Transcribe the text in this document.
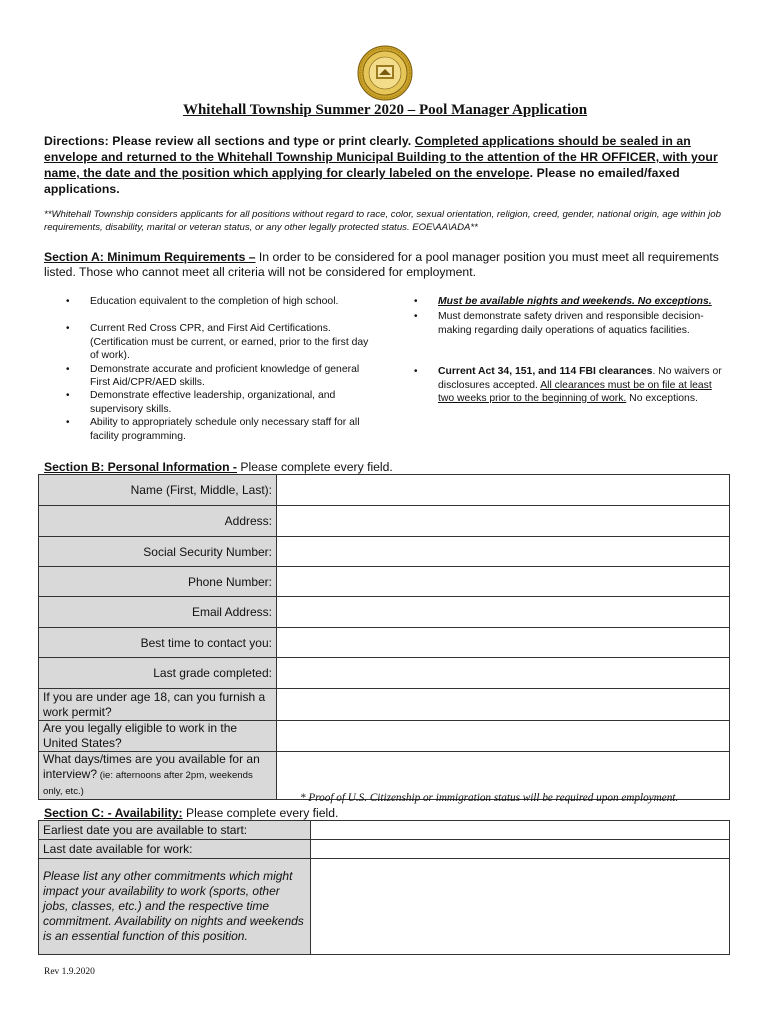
Whitehall Township Summer 2020 – Pool Manager Application
Directions: Please review all sections and type or print clearly. Completed applications should be sealed in an envelope and returned to the Whitehall Township Municipal Building to the attention of the HR OFFICER, with your name, the date and the position which applying for clearly labeled on the envelope. Please no emailed/faxed applications.
**Whitehall Township considers applicants for all positions without regard to race, color, sexual orientation, religion, creed, gender, national origin, age within job requirements, disability, marital or veteran status, or any other legally protected status. EOE\AA\ADA**
Section A: Minimum Requirements – In order to be considered for a pool manager position you must meet all requirements listed. Those who cannot meet all criteria will not be considered for employment.
• Education equivalent to the completion of high school.
• Current Red Cross CPR, and First Aid Certifications. (Certification must be current, or earned, prior to the first day of work).
• Demonstrate accurate and proficient knowledge of general First Aid/CPR/AED skills.
• Demonstrate effective leadership, organizational, and supervisory skills.
• Ability to appropriately schedule only necessary staff for all facility programming.
• Must be available nights and weekends. No exceptions.
• Must demonstrate safety driven and responsible decision-making regarding daily operations of aquatics facilities.
• Current Act 34, 151, and 114 FBI clearances. No waivers or disclosures accepted. All clearances must be on file at least two weeks prior to the beginning of work. No exceptions.
Section B: Personal Information - Please complete every field.
Name (First, Middle, Last):	
Address:	
Social Security Number:	
Phone Number:	
Email Address:	
Best time to contact you:	
Last grade completed:	
If you are under age 18, can you furnish a work permit?	
Are you legally eligible to work in the United States?	
What days/times are you available for an interview? (ie: afternoons after 2pm, weekends only, etc.)	
* Proof of U.S. Citizenship or immigration status will be required upon employment.
Section C: - Availability: Please complete every field.
Earliest date you are available to start:	
Last date available for work:	
Please list any other commitments which might impact your availability to work (sports, other jobs, classes, etc.) and the respective time commitment. Availability on nights and weekends is an essential function of this position.	
Rev 1.9.2020
